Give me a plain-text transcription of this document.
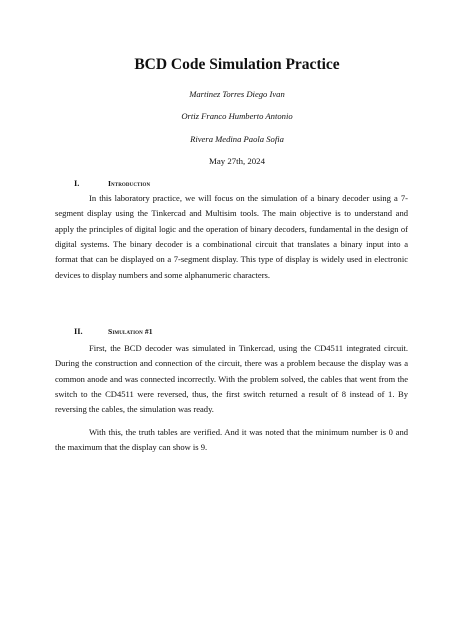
BCD Code Simulation Practice

Martinez Torres Diego Ivan

Ortiz Franco Humberto Antonio

Rivera Medina Paola Sofia

May 27th, 2024

I.	Introduction

In this laboratory practice, we will focus on the simulation of a binary decoder using a 7-segment display using the Tinkercad and Multisim tools. The main objective is to understand and apply the principles of digital logic and the operation of binary decoders, fundamental in the design of digital systems. The binary decoder is a combinational circuit that translates a binary input into a format that can be displayed on a 7-segment display. This type of display is widely used in electronic devices to display numbers and some alphanumeric characters.

II.	Simulation #1

First, the BCD decoder was simulated in Tinkercad, using the CD4511 integrated circuit. During the construction and connection of the circuit, there was a problem because the display was a common anode and was connected incorrectly. With the problem solved, the cables that went from the switch to the CD4511 were reversed, thus, the first switch returned a result of 8 instead of 1. By reversing the cables, the simulation was ready.

With this, the truth tables are verified. And it was noted that the minimum number is 0 and the maximum that the display can show is 9.
